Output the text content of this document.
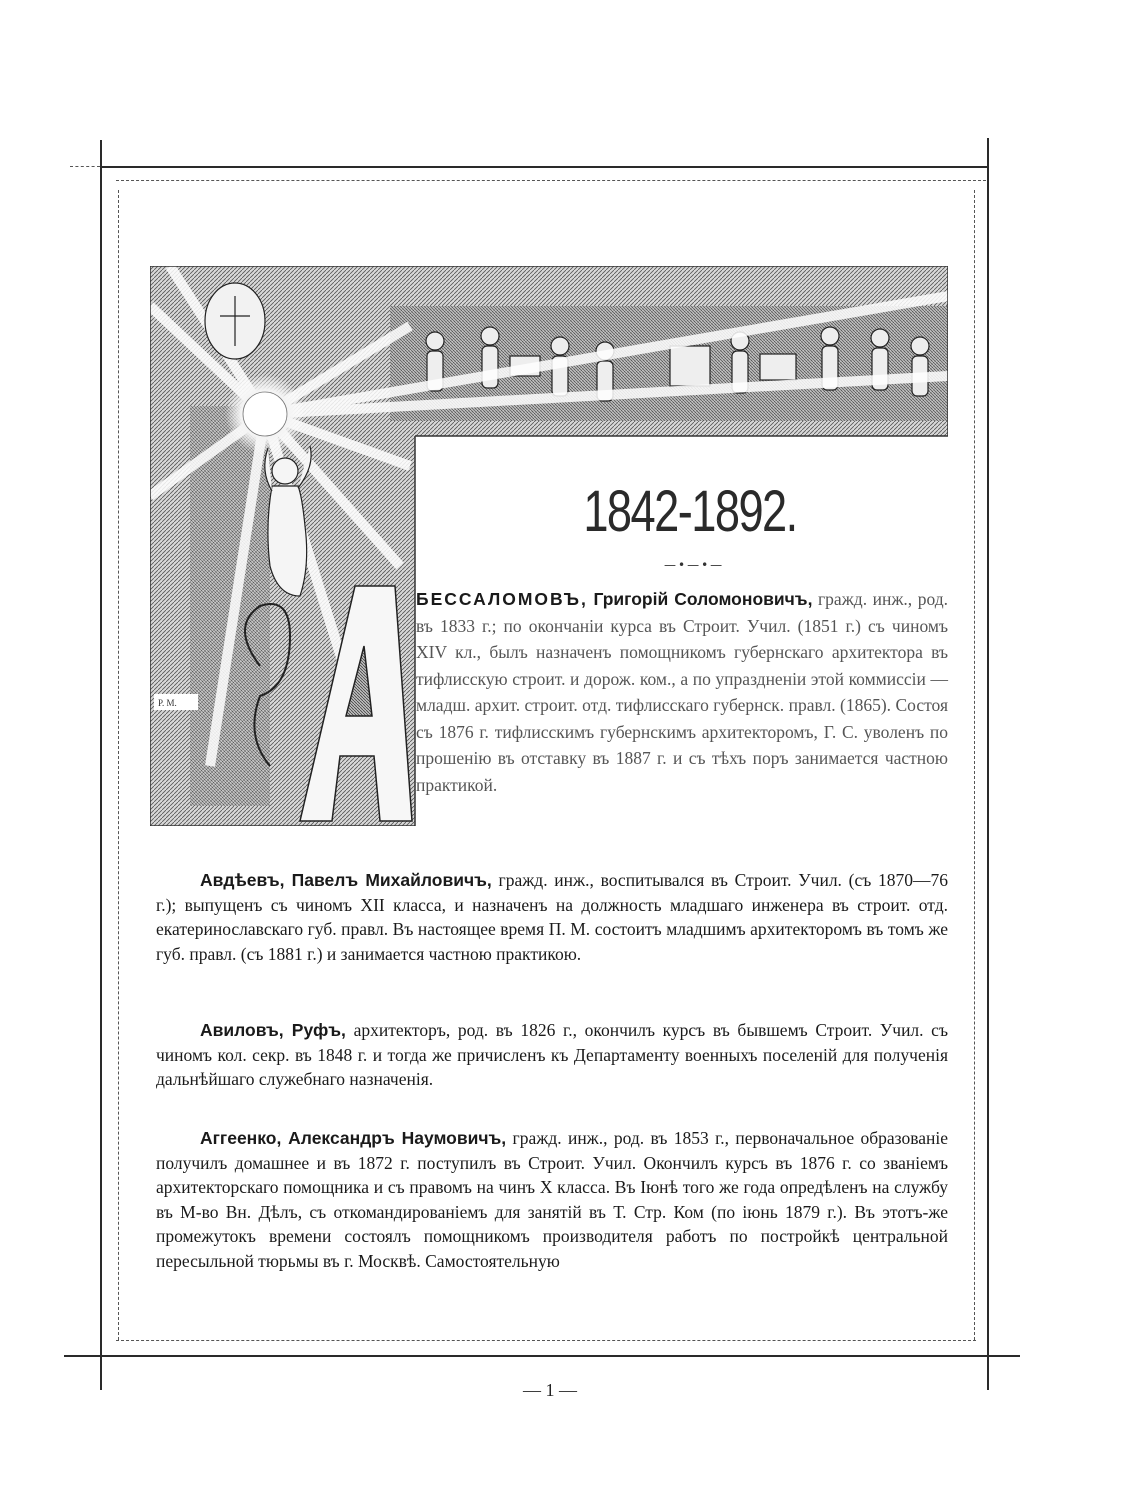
P. M.
1842-1892.
—•—•—
БЕССАЛОМОВЪ, Григорій Соломоновичъ, гражд. инж., род. въ 1833 г.; по окончаніи курса въ Строит. Учил. (1851 г.) съ чиномъ XIV кл., былъ назначенъ помощникомъ губернскаго архитектора въ тифлисскую строит. и дорож. ком., а по упраздненіи этой коммиссіи — младш. архит. строит. отд. тифлисскаго губернск. правл. (1865). Состоя съ 1876 г. тифлисскимъ губернскимъ архитекторомъ, Г. С. уволенъ по прошенію въ отставку въ 1887 г. и съ тѣхъ поръ занимается частною практикой.
Авдѣевъ, Павелъ Михайловичъ, гражд. инж., воспитывался въ Строит. Учил. (съ 1870—76 г.); выпущенъ съ чиномъ XII класса, и назначенъ на должность младшаго инженера въ строит. отд. екатеринославскаго губ. правл. Въ настоящее время П. М. состоитъ младшимъ архитекторомъ въ томъ же губ. правл. (съ 1881 г.) и занимается частною практикою.
Авиловъ, Руфъ, архитекторъ, род. въ 1826 г., окончилъ курсъ въ бывшемъ Строит. Учил. съ чиномъ кол. секр. въ 1848 г. и тогда же причисленъ къ Департаменту военныхъ поселеній для полученія дальнѣйшаго служебнаго назначенія.
Аггеенко, Александръ Наумовичъ, гражд. инж., род. въ 1853 г., первоначальное образованіе получилъ домашнее и въ 1872 г. поступилъ въ Строит. Учил. Окончилъ курсъ въ 1876 г. со званіемъ архитекторскаго помощника и съ правомъ на чинъ X класса. Въ Іюнѣ того же года опредѣленъ на службу въ М-во Вн. Дѣлъ, съ откомандированіемъ для занятій въ Т. Стр. Ком (по іюнь 1879 г.). Въ этотъ-же промежутокъ времени состоялъ помощникомъ производителя работъ по постройкѣ центральной пересыльной тюрьмы въ г. Москвѣ. Самостоятельную
— 1 —
